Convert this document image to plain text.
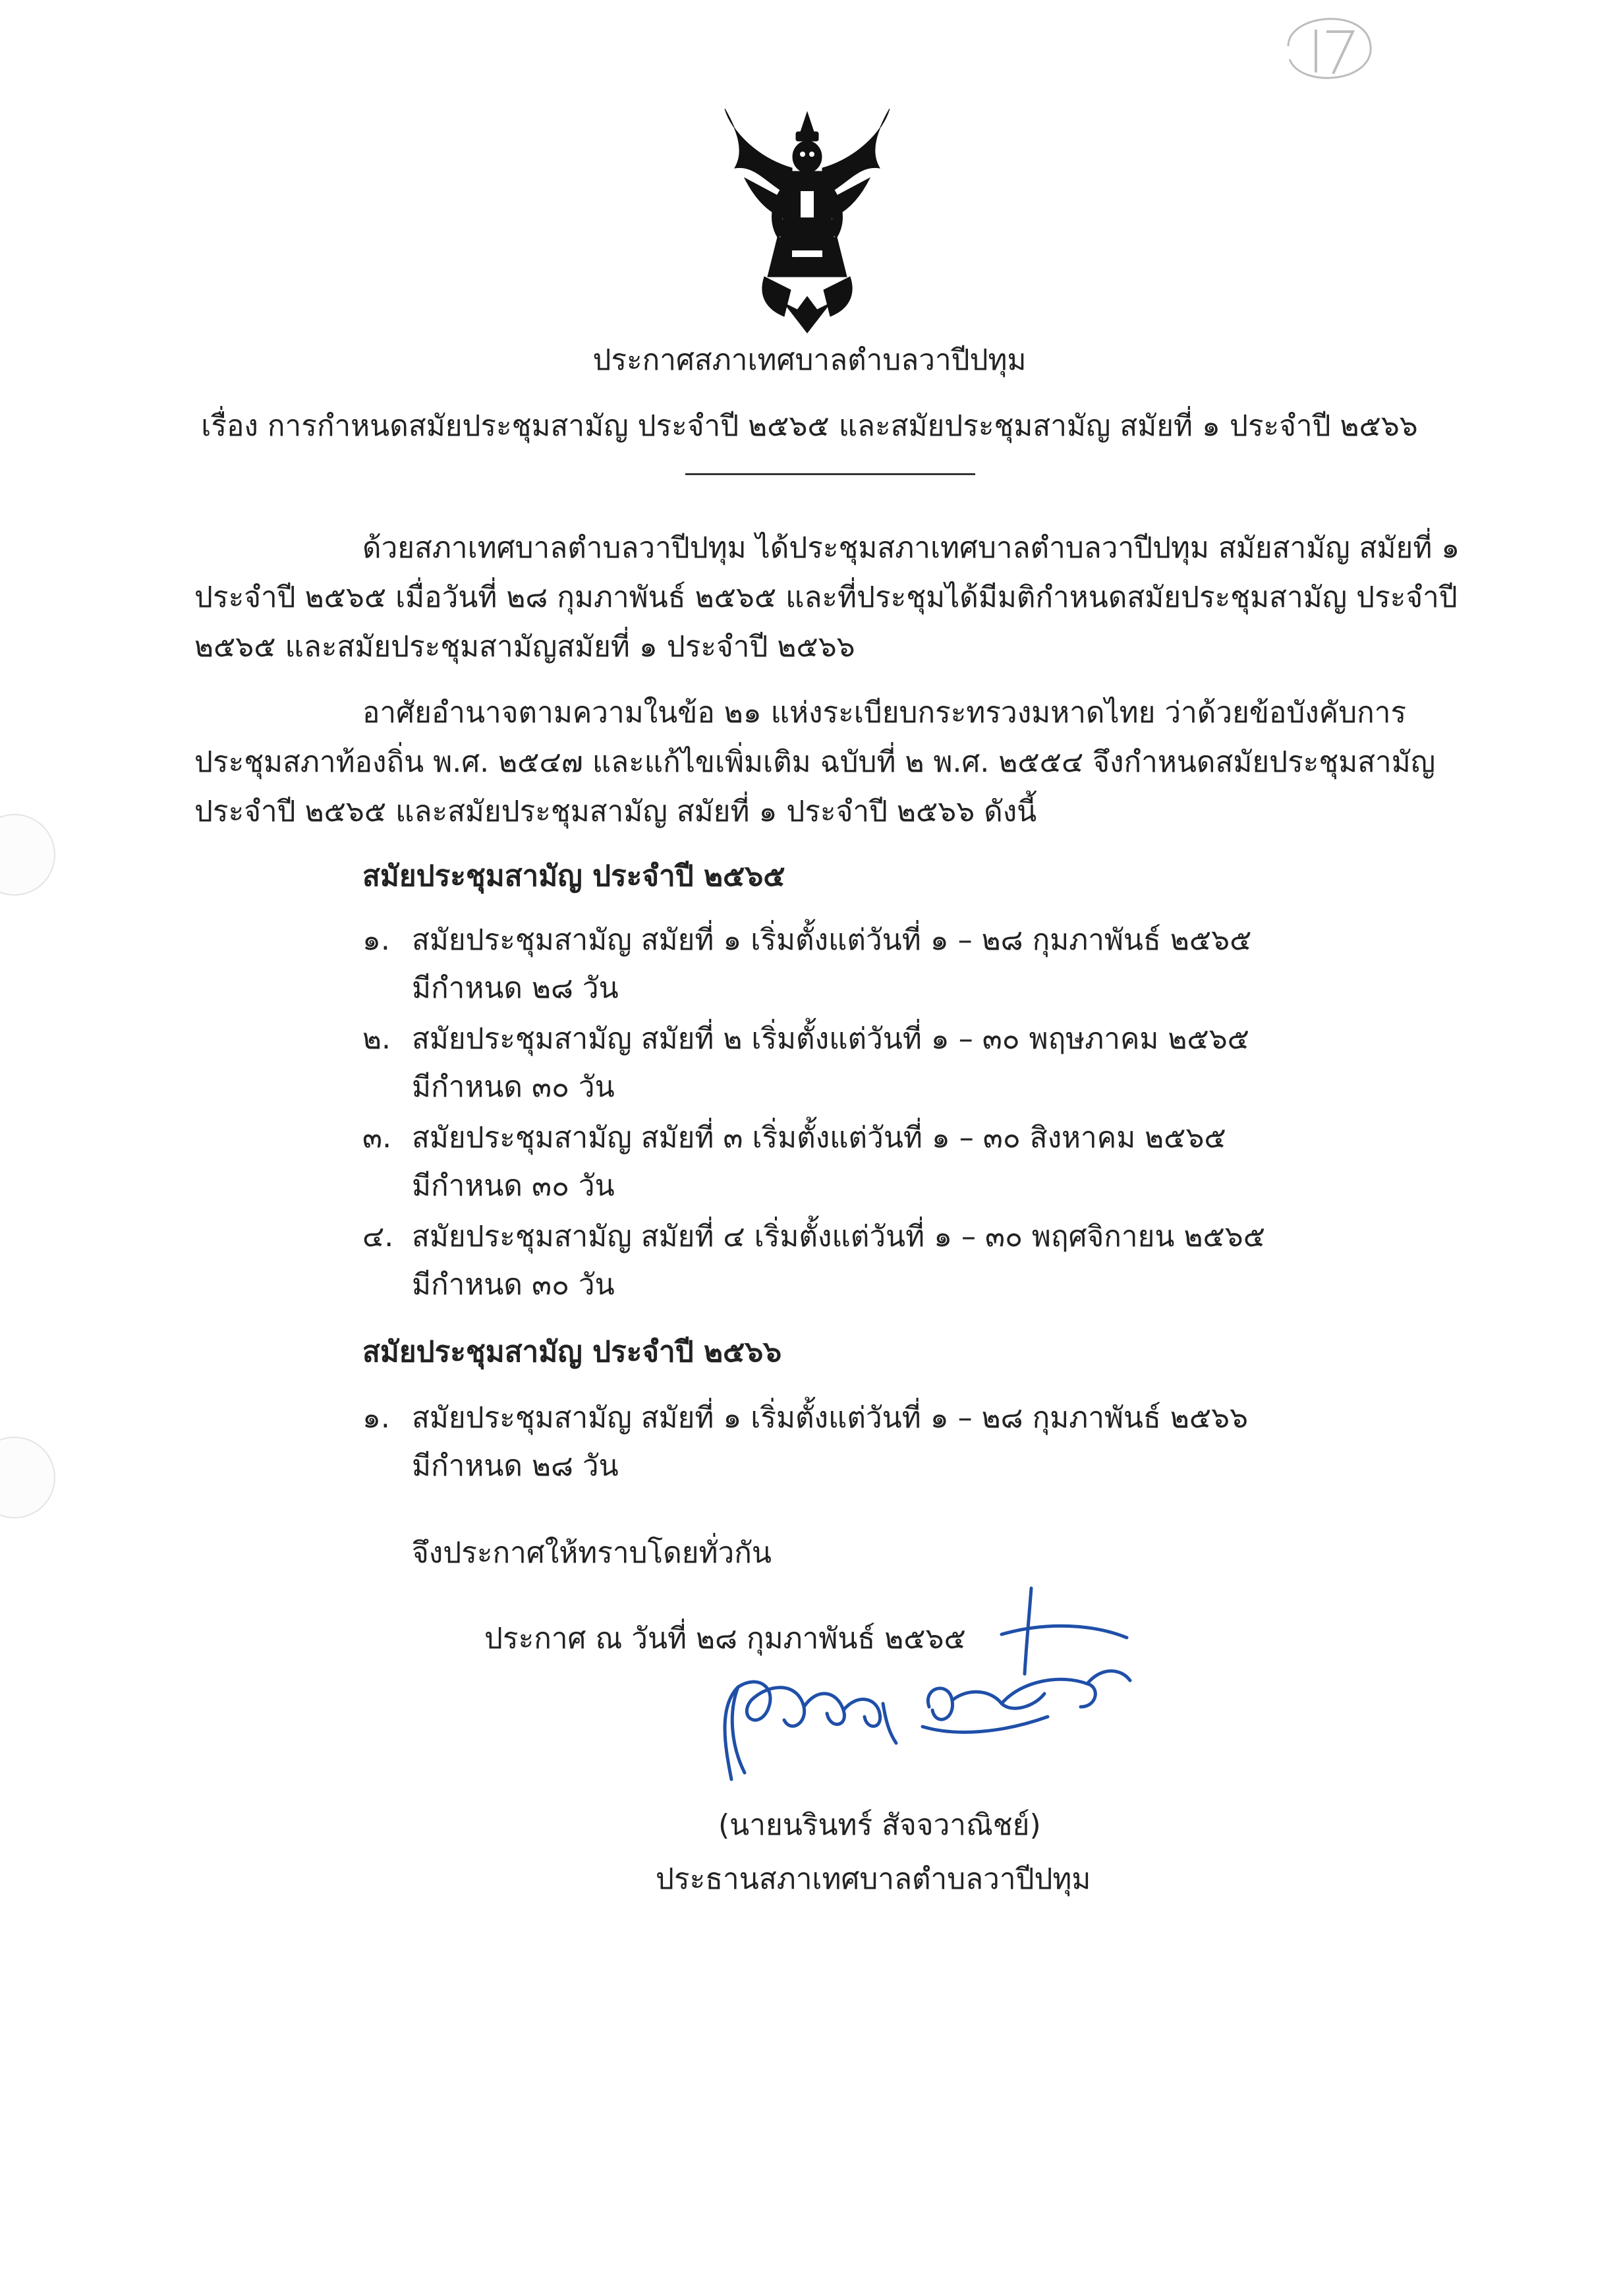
ประกาศสภาเทศบาลตำบลวาปีปทุม
เรื่อง การกำหนดสมัยประชุมสามัญ ประจำปี ๒๕๖๕ และสมัยประชุมสามัญ สมัยที่ ๑ ประจำปี ๒๕๖๖
ด้วยสภาเทศบาลตำบลวาปีปทุม ได้ประชุมสภาเทศบาลตำบลวาปีปทุม สมัยสามัญ สมัยที่ ๑
ประจำปี ๒๕๖๕ เมื่อวันที่ ๒๘ กุมภาพันธ์ ๒๕๖๕ และที่ประชุมได้มีมติกำหนดสมัยประชุมสามัญ ประจำปี
๒๕๖๕ และสมัยประชุมสามัญสมัยที่ ๑ ประจำปี ๒๕๖๖
อาศัยอำนาจตามความในข้อ ๒๑ แห่งระเบียบกระทรวงมหาดไทย ว่าด้วยข้อบังคับการ
ประชุมสภาท้องถิ่น พ.ศ. ๒๕๔๗ และแก้ไขเพิ่มเติม ฉบับที่ ๒ พ.ศ. ๒๕๕๔ จึงกำหนดสมัยประชุมสามัญ
ประจำปี ๒๕๖๕ และสมัยประชุมสามัญ สมัยที่ ๑ ประจำปี ๒๕๖๖ ดังนี้
สมัยประชุมสามัญ ประจำปี ๒๕๖๕
๑. สมัยประชุมสามัญ สมัยที่ ๑ เริ่มตั้งแต่วันที่ ๑ – ๒๘ กุมภาพันธ์ ๒๕๖๕
มีกำหนด ๒๘ วัน
๒. สมัยประชุมสามัญ สมัยที่ ๒ เริ่มตั้งแต่วันที่ ๑ – ๓๐ พฤษภาคม ๒๕๖๕
มีกำหนด ๓๐ วัน
๓. สมัยประชุมสามัญ สมัยที่ ๓ เริ่มตั้งแต่วันที่ ๑ – ๓๐ สิงหาคม ๒๕๖๕
มีกำหนด ๓๐ วัน
๔. สมัยประชุมสามัญ สมัยที่ ๔ เริ่มตั้งแต่วันที่ ๑ – ๓๐ พฤศจิกายน ๒๕๖๕
มีกำหนด ๓๐ วัน
สมัยประชุมสามัญ ประจำปี ๒๕๖๖
๑. สมัยประชุมสามัญ สมัยที่ ๑ เริ่มตั้งแต่วันที่ ๑ – ๒๘ กุมภาพันธ์ ๒๕๖๖
มีกำหนด ๒๘ วัน
จึงประกาศให้ทราบโดยทั่วกัน
ประกาศ ณ วันที่ ๒๘ กุมภาพันธ์ ๒๕๖๕
นรินทร์ สัจจวาณิชย์
(นายนรินทร์ สัจจวาณิชย์)
ประธานสภาเทศบาลตำบลวาปีปทุม
